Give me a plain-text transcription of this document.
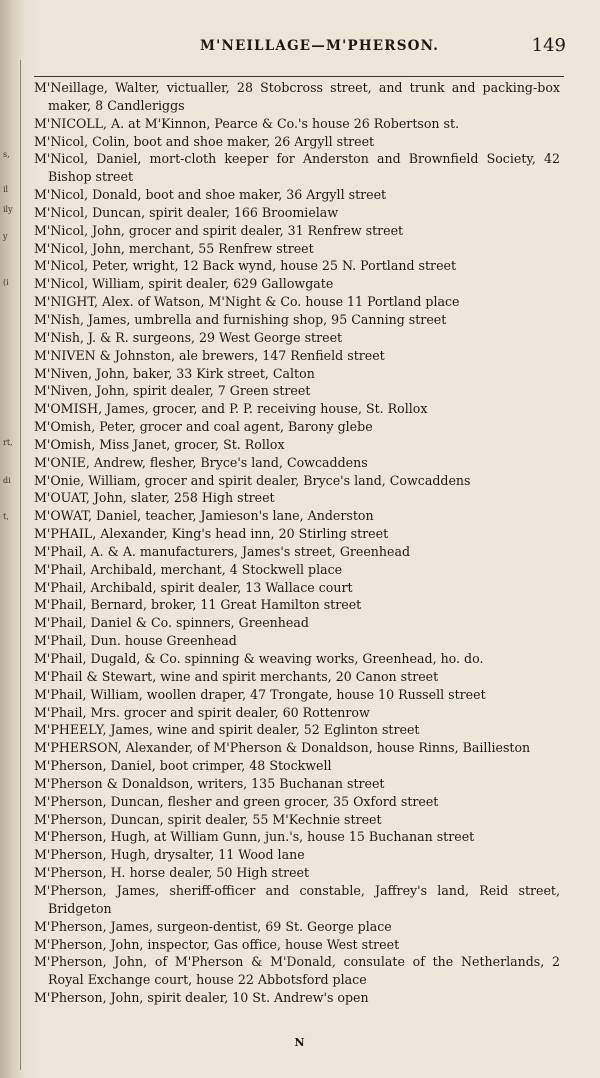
s,
il
ily
y
(i
rt,
di
t,
M'NEILLAGE—M'PHERSON.	149
M'Neillage, Walter, victualler, 28 Stobcross street, and trunk and packing-box maker, 8 Candleriggs
M'NICOLL, A. at M'Kinnon, Pearce & Co.'s house 26 Robertson st.
M'Nicol, Colin, boot and shoe maker, 26 Argyll street
M'Nicol, Daniel, mort-cloth keeper for Anderston and Brownfield Society, 42 Bishop street
M'Nicol, Donald, boot and shoe maker, 36 Argyll street
M'Nicol, Duncan, spirit dealer, 166 Broomielaw
M'Nicol, John, grocer and spirit dealer, 31 Renfrew street
M'Nicol, John, merchant, 55 Renfrew street
M'Nicol, Peter, wright, 12 Back wynd, house 25 N. Portland street
M'Nicol, William, spirit dealer, 629 Gallowgate
M'NIGHT, Alex. of Watson, M'Night & Co. house 11 Portland place
M'Nish, James, umbrella and furnishing shop, 95 Canning street
M'Nish, J. & R. surgeons, 29 West George street
M'NIVEN & Johnston, ale brewers, 147 Renfield street
M'Niven, John, baker, 33 Kirk street, Calton
M'Niven, John, spirit dealer, 7 Green street
M'OMISH, James, grocer, and P. P. receiving house, St. Rollox
M'Omish, Peter, grocer and coal agent, Barony glebe
M'Omish, Miss Janet, grocer, St. Rollox
M'ONIE, Andrew, flesher, Bryce's land, Cowcaddens
M'Onie, William, grocer and spirit dealer, Bryce's land, Cowcaddens
M'OUAT, John, slater, 258 High street
M'OWAT, Daniel, teacher, Jamieson's lane, Anderston
M'PHAIL, Alexander, King's head inn, 20 Stirling street
M'Phail, A. & A. manufacturers, James's street, Greenhead
M'Phail, Archibald, merchant, 4 Stockwell place
M'Phail, Archibald, spirit dealer, 13 Wallace court
M'Phail, Bernard, broker, 11 Great Hamilton street
M'Phail, Daniel & Co. spinners, Greenhead
M'Phail, Dun. house Greenhead
M'Phail, Dugald, & Co. spinning & weaving works, Greenhead, ho. do.
M'Phail & Stewart, wine and spirit merchants, 20 Canon street
M'Phail, William, woollen draper, 47 Trongate, house 10 Russell street
M'Phail, Mrs. grocer and spirit dealer, 60 Rottenrow
M'PHEELY, James, wine and spirit dealer, 52 Eglinton street
M'PHERSON, Alexander, of M'Pherson & Donaldson, house Rinns, Baillieston
M'Pherson, Daniel, boot crimper, 48 Stockwell
M'Pherson & Donaldson, writers, 135 Buchanan street
M'Pherson, Duncan, flesher and green grocer, 35 Oxford street
M'Pherson, Duncan, spirit dealer, 55 M'Kechnie street
M'Pherson, Hugh, at William Gunn, jun.'s, house 15 Buchanan street
M'Pherson, Hugh, drysalter, 11 Wood lane
M'Pherson, H. horse dealer, 50 High street
M'Pherson, James, sheriff-officer and constable, Jaffrey's land, Reid street, Bridgeton
M'Pherson, James, surgeon-dentist, 69 St. George place
M'Pherson, John, inspector, Gas office, house West street
M'Pherson, John, of M'Pherson & M'Donald, consulate of the Netherlands, 2 Royal Exchange court, house 22 Abbotsford place
M'Pherson, John, spirit dealer, 10 St. Andrew's open
N
